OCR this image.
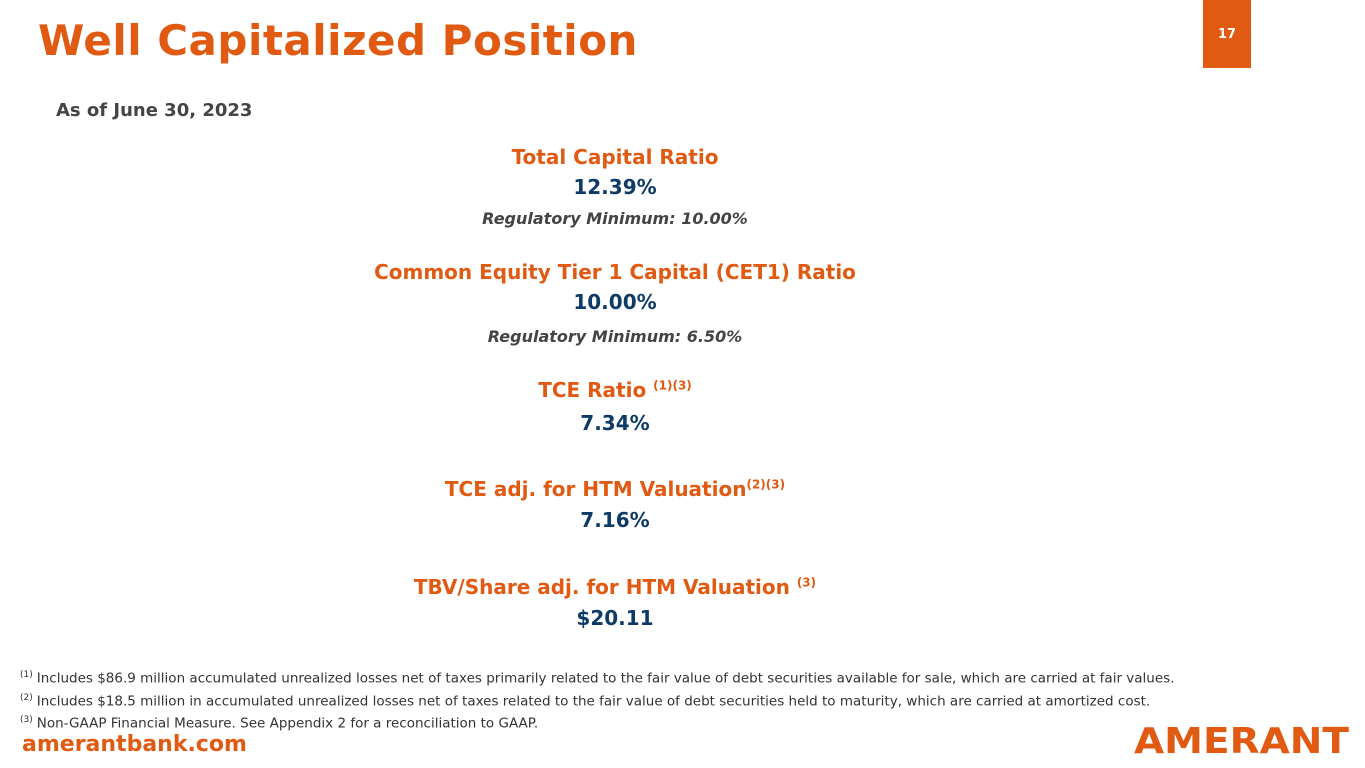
Well Capitalized Position	17
As of June 30, 2023
Total Capital Ratio
12.39%
Regulatory Minimum: 10.00%
Common Equity Tier 1 Capital (CET1) Ratio
10.00%
Regulatory Minimum: 6.50%
TCE Ratio $^{(1)(3)}$
7.34%
TCE adj. for HTM Valuation$^{(2)(3)}$
7.16%
TBV/Share adj. for HTM Valuation $^{(3)}$
$20.11
$^{(1)}$ Includes $86.9 million accumulated unrealized losses net of taxes primarily related to the fair value of debt securities available for sale, which are carried at fair values.
$^{(2)}$ Includes $18.5 million in accumulated unrealized losses net of taxes related to the fair value of debt securities held to maturity, which are carried at amortized cost.
$^{(3)}$ Non-GAAP Financial Measure. See Appendix 2 for a reconciliation to GAAP.
amerantbank.com	AMERANT
